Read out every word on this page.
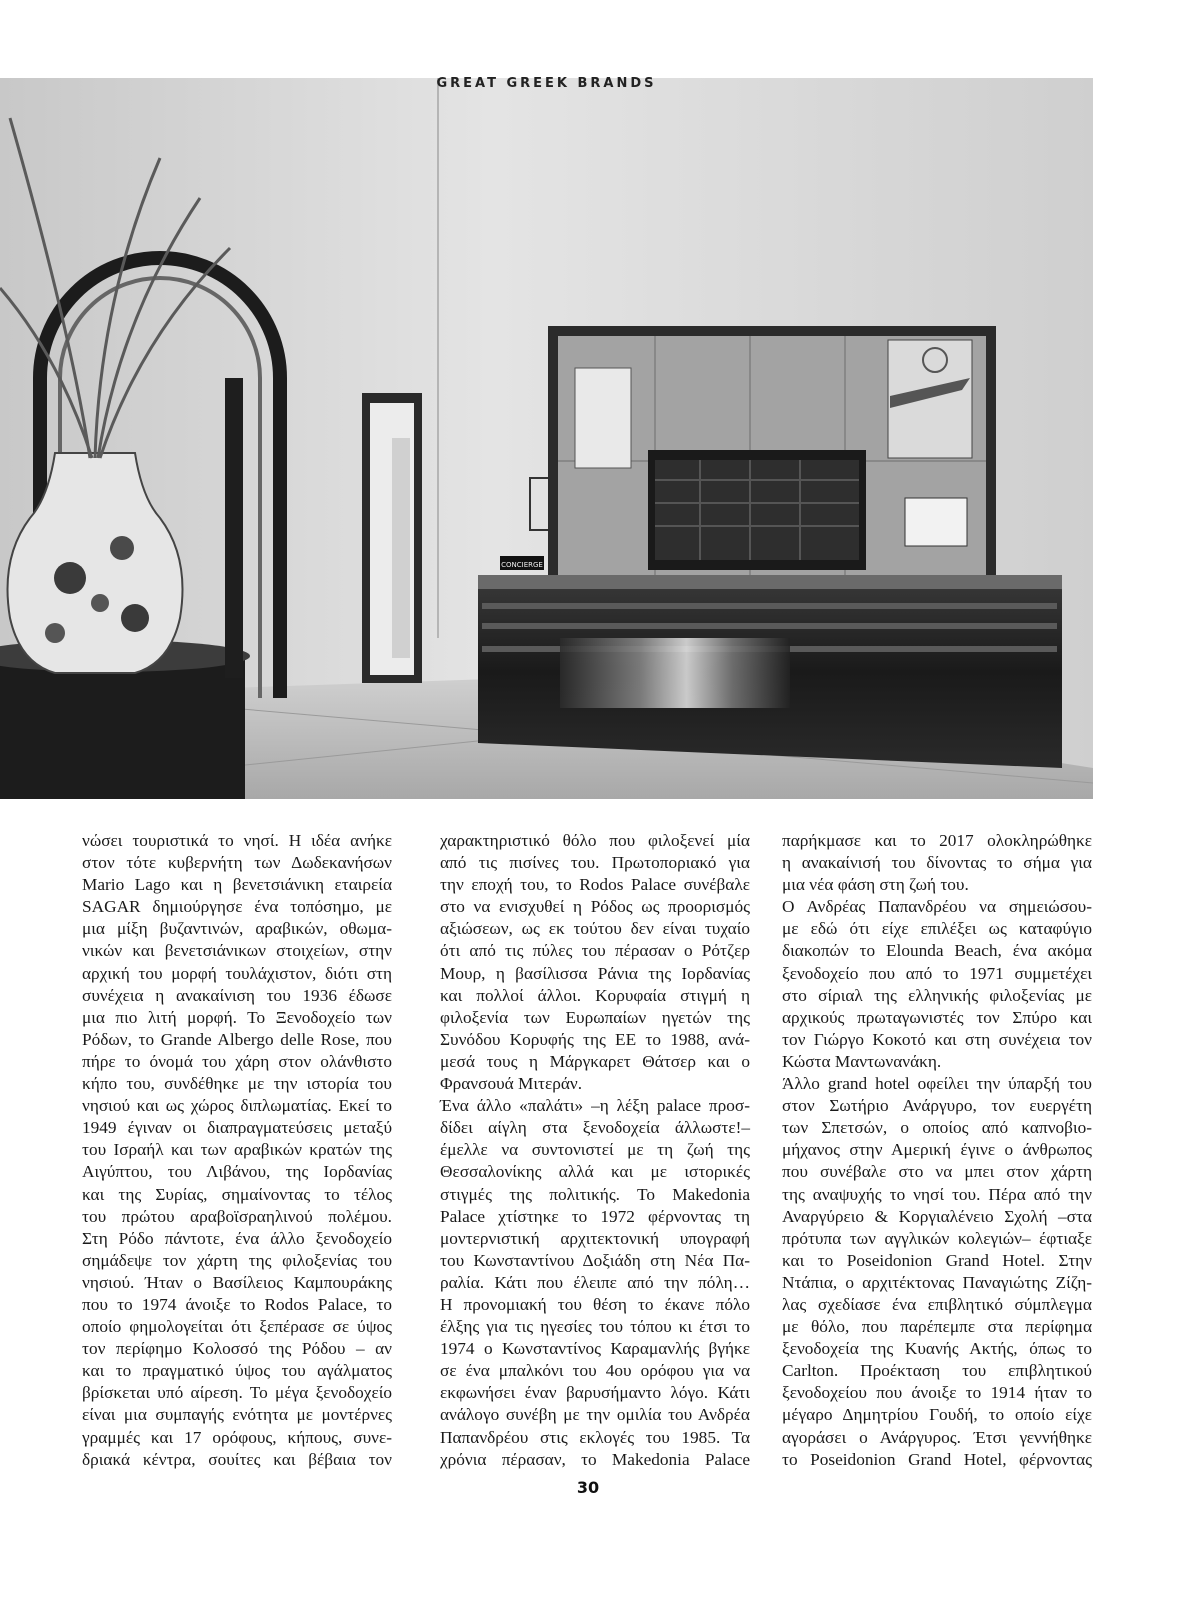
GREAT GREEK BRANDS
CONCIERGE

νώσει τουριστικά το νησί. Η ιδέα ανήκε

στον τότε κυβερνήτη των Δωδεκανήσων

Mario Lago και η βενετσιάνικη εταιρεία

SAGAR δημιούργησε ένα τοπόσημο, με

μια μίξη βυζαντινών, αραβικών, οθωμα-

νικών και βενετσιάνικων στοιχείων, στην

αρχική του μορφή τουλάχιστον, διότι στη

συνέχεια η ανακαίνιση του 1936 έδωσε

μια πιο λιτή μορφή. Το Ξενοδοχείο των

Ρόδων, το Grande Albergo delle Rose, που

πήρε το όνομά του χάρη στον ολάνθιστο

κήπο του, συνδέθηκε με την ιστορία του

νησιού και ως χώρος διπλωματίας. Εκεί το

1949 έγιναν οι διαπραγματεύσεις μεταξύ

του Ισραήλ και των αραβικών κρατών της

Αιγύπτου, του Λιβάνου, της Ιορδανίας

και της Συρίας, σημαίνοντας το τέλος

του πρώτου αραβοϊσραηλινού πολέμου.

Στη Ρόδο πάντοτε, ένα άλλο ξενοδοχείο

σημάδεψε τον χάρτη της φιλοξενίας του

νησιού. Ήταν ο Βασίλειος Καμπουράκης

που το 1974 άνοιξε το Rodos Palace, το

οποίο φημολογείται ότι ξεπέρασε σε ύψος

τον περίφημο Κολοσσό της Ρόδου – αν

και το πραγματικό ύψος του αγάλματος

βρίσκεται υπό αίρεση. Το μέγα ξενοδοχείο

είναι μια συμπαγής ενότητα με μοντέρνες

γραμμές και 17 ορόφους, κήπους, συνε-

δριακά κέντρα, σουίτες και βέβαια τον

χαρακτηριστικό θόλο που φιλοξενεί μία

από τις πισίνες του. Πρωτοποριακό για

την εποχή του, το Rodos Palace συνέβαλε

στο να ενισχυθεί η Ρόδος ως προορισμός

αξιώσεων, ως εκ τούτου δεν είναι τυχαίο

ότι από τις πύλες του πέρασαν ο Ρότζερ

Μουρ, η βασίλισσα Ράνια της Ιορδανίας

και πολλοί άλλοι. Κορυφαία στιγμή η

φιλοξενία των Ευρωπαίων ηγετών της

Συνόδου Κορυφής της ΕΕ το 1988, ανά-

μεσά τους η Μάργκαρετ Θάτσερ και ο

Φρανσουά Μιτεράν.

Ένα άλλο «παλάτι» –η λέξη palace προσ-

δίδει αίγλη στα ξενοδοχεία άλλωστε!–

έμελλε να συντονιστεί με τη ζωή της

Θεσσαλονίκης αλλά και με ιστορικές

στιγμές της πολιτικής. Το Makedonia

Palace χτίστηκε το 1972 φέρνοντας τη

μοντερνιστική αρχιτεκτονική υπογραφή

του Κωνσταντίνου Δοξιάδη στη Νέα Πα-

ραλία. Κάτι που έλειπε από την πόλη…

Η προνομιακή του θέση το έκανε πόλο

έλξης για τις ηγεσίες του τόπου κι έτσι το

1974 ο Κωνσταντίνος Καραμανλής βγήκε

σε ένα μπαλκόνι του 4ου ορόφου για να

εκφωνήσει έναν βαρυσήμαντο λόγο. Κάτι

ανάλογο συνέβη με την ομιλία του Ανδρέα

Παπανδρέου στις εκλογές του 1985. Τα

χρόνια πέρασαν, το Makedonia Palace

παρήκμασε και το 2017 ολοκληρώθηκε

η ανακαίνισή του δίνοντας το σήμα για

μια νέα φάση στη ζωή του.

Ο Ανδρέας Παπανδρέου να σημειώσου-

με εδώ ότι είχε επιλέξει ως καταφύγιο

διακοπών το Elounda Beach, ένα ακόμα

ξενοδοχείο που από το 1971 συμμετέχει

στο σίριαλ της ελληνικής φιλοξενίας με

αρχικούς πρωταγωνιστές τον Σπύρο και

τον Γιώργο Κοκοτό και στη συνέχεια τον

Κώστα Μαντωνανάκη.

Άλλο grand hotel οφείλει την ύπαρξή του

στον Σωτήριο Ανάργυρο, τον ευεργέτη

των Σπετσών, ο οποίος από καπνοβιο-

μήχανος στην Αμερική έγινε ο άνθρωπος

που συνέβαλε στο να μπει στον χάρτη

της αναψυχής το νησί του. Πέρα από την

Αναργύρειο & Κοργιαλένειο Σχολή –στα

πρότυπα των αγγλικών κολεγιών– έφτιαξε

και το Poseidonion Grand Hotel. Στην

Ντάπια, ο αρχιτέκτονας Παναγιώτης Ζίζη-

λας σχεδίασε ένα επιβλητικό σύμπλεγμα

με θόλο, που παρέπεμπε στα περίφημα

ξενοδοχεία της Κυανής Ακτής, όπως το

Carlton. Προέκταση του επιβλητικού

ξενοδοχείου που άνοιξε το 1914 ήταν το

μέγαρο Δημητρίου Γουδή, το οποίο είχε

αγοράσει ο Ανάργυρος. Έτσι γεννήθηκε

το Poseidonion Grand Hotel, φέρνοντας

30
